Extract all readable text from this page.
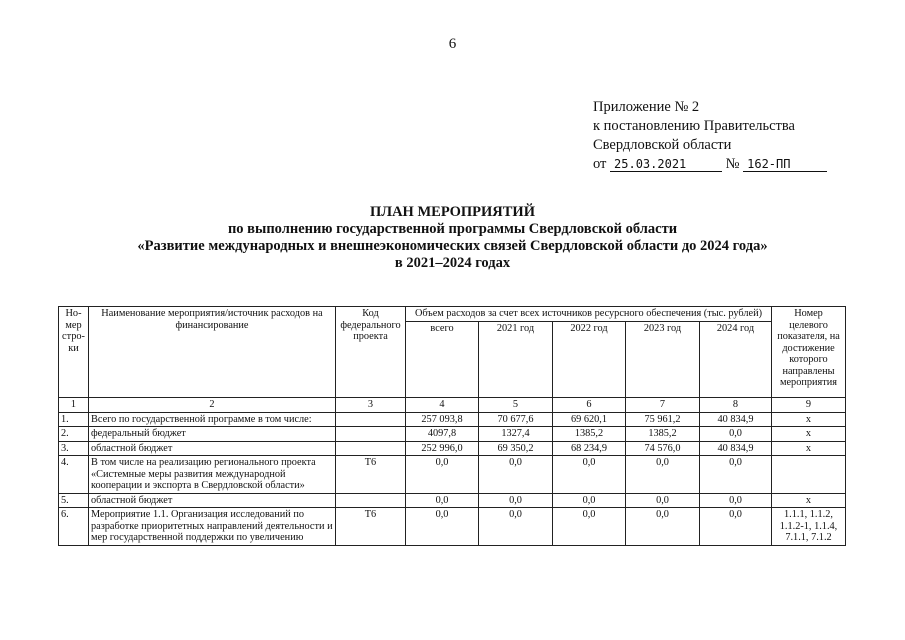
6
Приложение № 2
к постановлению Правительства
Свердловской области
от 25.03.2021	№ 162-ПП
ПЛАН МЕРОПРИЯТИЙ
по выполнению государственной программы Свердловской области
«Развитие международных и внешнеэкономических связей Свердловской области до 2024 года»
в 2021–2024 годах
Но-мер стро-ки	Наименование мероприятия/источник расходов на финансирование	Код федерального проекта	Объем расходов за счет всех источников ресурсного обеспечения (тыс. рублей)					Номер целевого показателя, на достижение которого направлены мероприятия
			всего	2021 год	2022 год	2023 год	2024 год	
1	2	3	4	5	6	7	8	9
1.	Всего по государственной программе в том числе:		257 093,8	70 677,6	69 620,1	75 961,2	40 834,9	х
2.	федеральный бюджет		4097,8	1327,4	1385,2	1385,2	0,0	х
3.	областной бюджет		252 996,0	69 350,2	68 234,9	74 576,0	40 834,9	х
4.	В том числе на реализацию регионального проекта «Системные меры развития международной кооперации и экспорта в Свердловской области»	Т6	0,0	0,0	0,0	0,0	0,0	
5.	областной бюджет		0,0	0,0	0,0	0,0	0,0	х
6.	Мероприятие 1.1. Организация исследований по разработке приоритетных направлений деятельности и мер государственной поддержки по увеличению	Т6	0,0	0,0	0,0	0,0	0,0	1.1.1, 1.1.2, 1.1.2-1, 1.1.4, 7.1.1, 7.1.2
